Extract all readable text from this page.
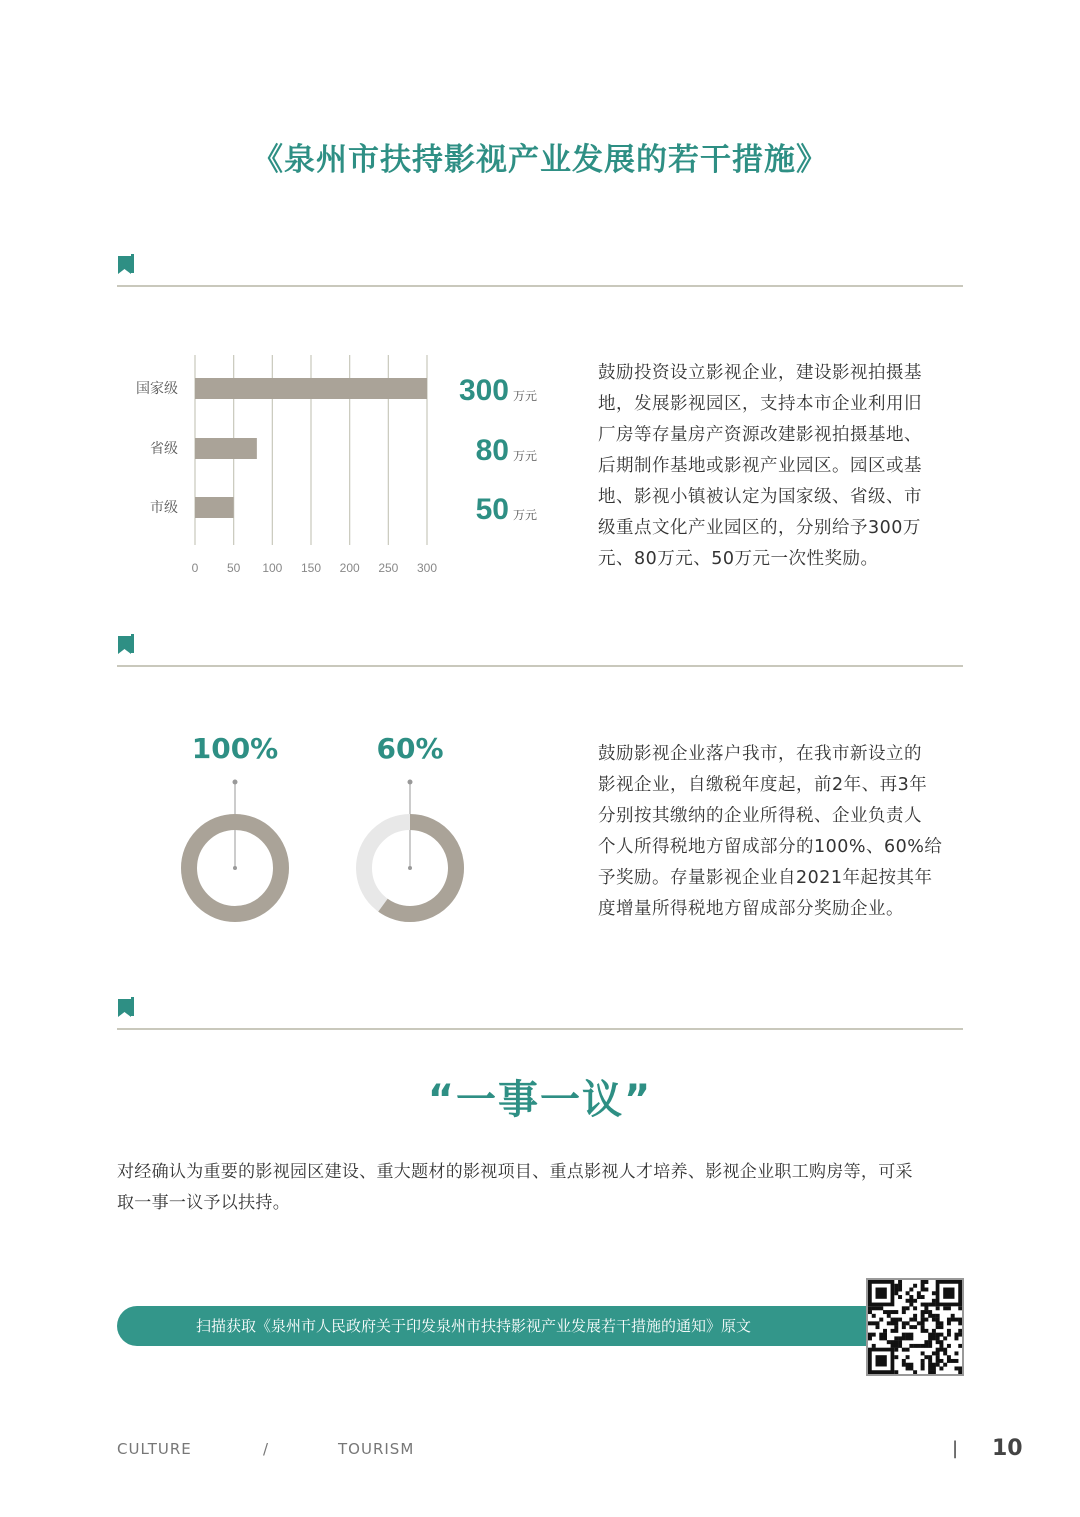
《泉州市扶持影视产业发展的若干措施》
0 50 100 150 200 250 300
国家级	300 万元
省级	80 万元
市级	50 万元
鼓励投资设立影视企业，建设影视拍摄基
地，发展影视园区，支持本市企业利用旧
厂房等存量房产资源改建影视拍摄基地、
后期制作基地或影视产业园区。园区或基
地、影视小镇被认定为国家级、省级、市
级重点文化产业园区的，分别给予300万
元、80万元、50万元一次性奖励。
100%	60%	鼓励影视企业落户我市，在我市新设立的
影视企业，自缴税年度起，前2年、再3年
分别按其缴纳的企业所得税、企业负责人
个人所得税地方留成部分的100%、60%给
予奖励。存量影视企业自2021年起按其年
度增量所得税地方留成部分奖励企业。
“一事一议”
对经确认为重要的影视园区建设、重大题材的影视项目、重点影视人才培养、影视企业职工购房等，可采
取一事一议予以扶持。
扫描获取《泉州市人民政府关于印发泉州市扶持影视产业发展若干措施的通知》原文
CULTURE	/	TOURISM	| 10
